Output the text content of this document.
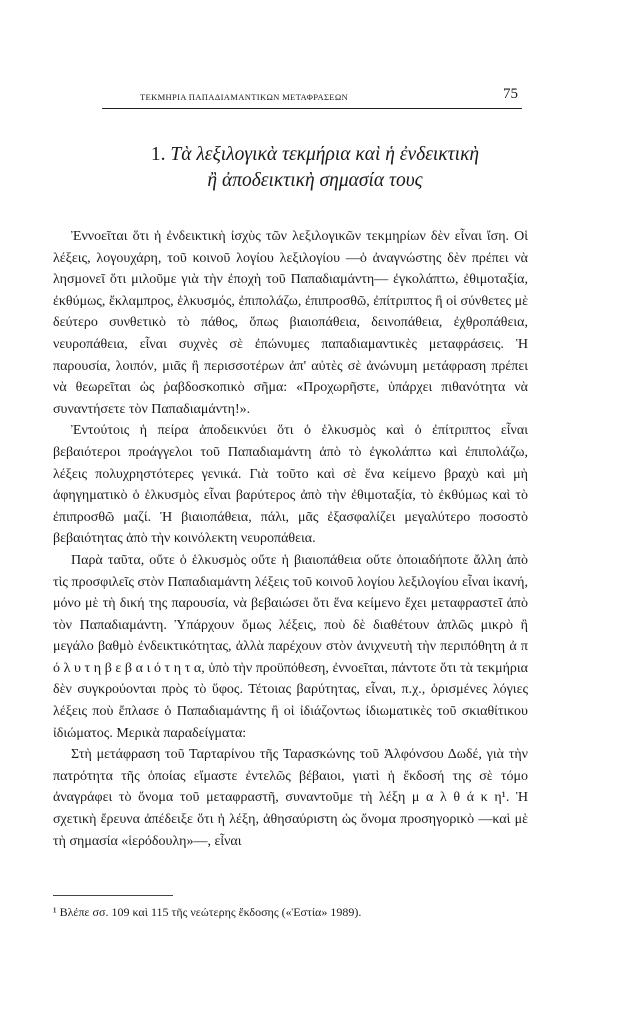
ΤΕΚΜΗΡΙΑ ΠΑΠΑΔΙΑΜΑΝΤΙΚΩΝ ΜΕΤΑΦΡΑΣΕΩΝ	75
1. Τὰ λεξιλογικὰ τεκμήρια καὶ ἡ ἐνδεικτικὴ
ἢ ἀποδεικτικὴ σημασία τους

Ἐννοεῖται ὅτι ἡ ἐνδεικτικὴ ἰσχὺς τῶν λεξιλογικῶν τεκμηρίων δὲν εἶναι ἴση. Οἱ λέξεις, λογουχάρη, τοῦ κοινοῦ λογίου λεξιλογίου —ὁ ἀναγνώστης δὲν πρέπει νὰ λησμονεῖ ὅτι μιλοῦμε γιὰ τὴν ἐποχὴ τοῦ Παπαδιαμάντη— ἐγκολάπτω, ἐθιμοταξία, ἐκθύμως, ἔκλαμπρος, ἑλκυσμός, ἐπιπολάζω, ἐπιπροσθῶ, ἐπίτριπτος ἢ οἱ σύνθετες μὲ δεύτερο συνθετικὸ τὸ πάθος, ὅπως βιαιοπάθεια, δεινοπάθεια, ἐχθροπάθεια, νευροπάθεια, εἶναι συχνὲς σὲ ἐπώνυμες παπαδιαμαντικὲς μεταφράσεις. Ἡ παρουσία, λοιπόν, μιᾶς ἢ περισσοτέρων ἀπ' αὐτὲς σὲ ἀνώνυμη μετάφραση πρέπει νὰ θεωρεῖται ὡς ῥαβδοσκοπικὸ σῆμα: «Προχωρῆστε, ὑπάρχει πιθανότητα νὰ συναντήσετε τὸν Παπαδιαμάντη!».

Ἐντούτοις ἡ πείρα ἀποδεικνύει ὅτι ὁ ἑλκυσμὸς καὶ ὁ ἐπίτριπτος εἶναι βεβαιότεροι προάγγελοι τοῦ Παπαδιαμάντη ἀπὸ τὸ ἐγκολάπτω καὶ ἐπιπολάζω, λέξεις πολυχρηστότερες γενικά. Γιὰ τοῦτο καὶ σὲ ἕνα κείμενο βραχὺ καὶ μὴ ἀφηγηματικὸ ὁ ἑλκυσμὸς εἶναι βαρύτερος ἀπὸ τὴν ἐθιμοταξία, τὸ ἐκθύμως καὶ τὸ ἐπιπροσθῶ μαζί. Ἡ βιαιοπάθεια, πάλι, μᾶς ἐξασφαλίζει μεγαλύτερο ποσοστὸ βεβαιότητας ἀπὸ τὴν κοινόλεκτη νευροπάθεια.

Παρὰ ταῦτα, οὔτε ὁ ἑλκυσμὸς οὔτε ἡ βιαιοπάθεια οὔτε ὁποιαδήποτε ἄλλη ἀπὸ τὶς προσφιλεῖς στὸν Παπαδιαμάντη λέξεις τοῦ κοινοῦ λογίου λεξιλογίου εἶναι ἱκανή, μόνο μὲ τὴ δική της παρουσία, νὰ βεβαιώσει ὅτι ἕνα κείμενο ἔχει μεταφραστεῖ ἀπὸ τὸν Παπαδιαμάντη. Ὑπάρχουν ὅμως λέξεις, ποὺ δὲ διαθέτουν ἁπλῶς μικρὸ ἢ μεγάλο βαθμὸ ἐνδεικτικότητας, ἀλλὰ παρέχουν στὸν ἀνιχνευτὴ τὴν περιπόθητη ἀ π ό λ υ τ η β ε β α ι ό τ η τ α, ὑπὸ τὴν προϋπόθεση, ἐννοεῖται, πάντοτε ὅτι τὰ τεκμήρια δὲν συγκρούονται πρὸς τὸ ὕφος. Τέτοιας βαρύτητας, εἶναι, π.χ., ὁρισμένες λόγιες λέξεις ποὺ ἔπλασε ὁ Παπαδιαμάντης ἢ οἱ ἰδιάζοντως ἰδιωματικὲς τοῦ σκιαθίτικου ἰδιώματος. Μερικὰ παραδείγματα:

Στὴ μετάφραση τοῦ Ταρταρίνου τῆς Ταρασκώνης τοῦ Ἀλφόνσου Δωδέ, γιὰ τὴν πατρότητα τῆς ὁποίας εἴμαστε ἐντελῶς βέβαιοι, γιατὶ ἡ ἔκδοσή της σὲ τόμο ἀναγράφει τὸ ὄνομα τοῦ μεταφραστῆ, συναντοῦμε τὴ λέξη μ α λ θ ά κ η¹. Ἡ σχετικὴ ἔρευνα ἀπέδειξε ὅτι ἡ λέξη, ἀθησαύριστη ὡς ὄνομα προσηγορικὸ —καὶ μὲ τὴ σημασία «ἱερόδουλη»—, εἶναι

¹ Βλέπε σσ. 109 καὶ 115 τῆς νεώτερης ἔκδοσης («Ἑστία» 1989).
